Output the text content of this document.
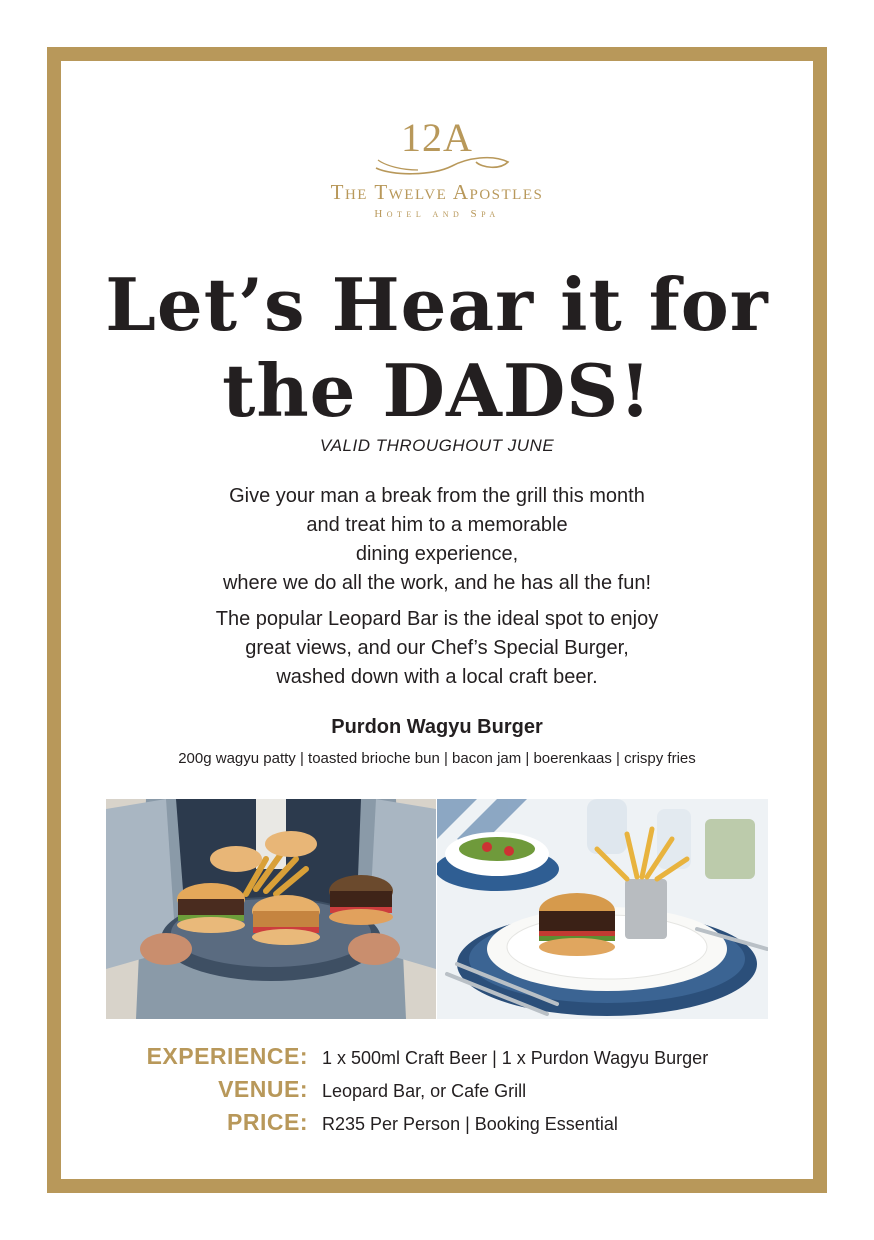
12A
The Twelve Apostles
Hotel and Spa
Let’s Hear it for
the DADS!
VALID THROUGHOUT JUNE
Give your man a break from the grill this month
and treat him to a memorable
dining experience,
where we do all the work, and he has all the fun!
The popular Leopard Bar is the ideal spot to enjoy
great views, and our Chef’s Special Burger,
washed down with a local craft beer.
Purdon Wagyu Burger
200g wagyu patty | toasted brioche bun | bacon jam | boerenkaas | crispy fries
EXPERIENCE: 1 x 500ml Craft Beer | 1 x Purdon Wagyu Burger
VENUE: Leopard Bar, or Cafe Grill
PRICE: R235 Per Person | Booking Essential
